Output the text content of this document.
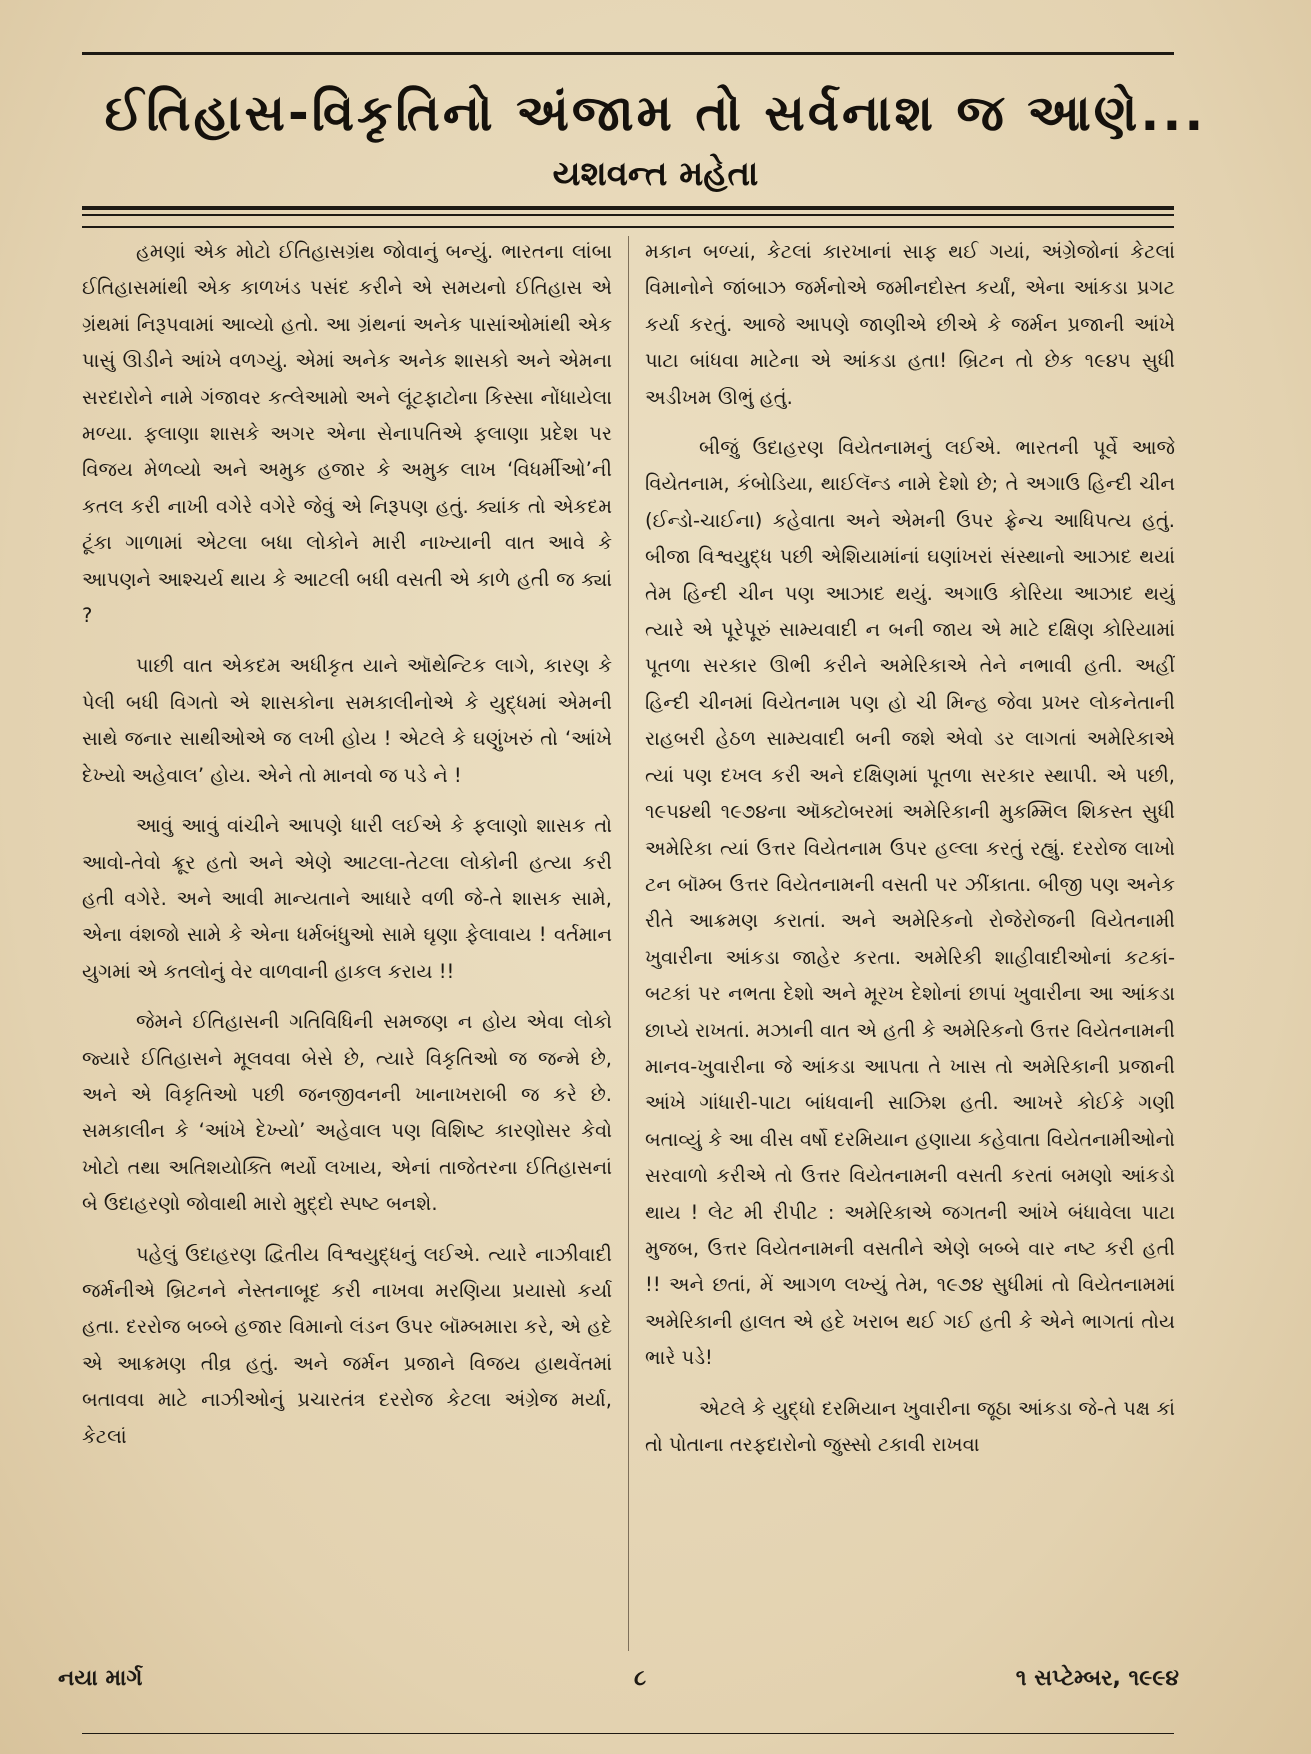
ઈતિહાસ-વિકૃતિનો અંજામ તો સર્વનાશ જ આણે...
યશવન્ત મહેતા

હમણાં એક મોટો ઈતિહાસગ્રંથ જોવાનું બન્યું. ભારતના લાંબા ઈતિહાસમાંથી એક કાળખંડ પસંદ કરીને એ સમયનો ઈતિહાસ એ ગ્રંથમાં નિરૂપવામાં આવ્યો હતો. આ ગ્રંથનાં અનેક પાસાંઓમાંથી એક પાસું ઊડીને આંખે વળગ્યું. એમાં અનેક અનેક શાસકો અને એમના સરદારોને નામે ગંજાવર કત્લેઆમો અને લૂંટફાટોના કિસ્સા નોંધાયેલા મળ્યા. ફલાણા શાસકે અગર એના સેનાપતિએ ફલાણા પ્રદેશ પર વિજય મેળવ્યો અને અમુક હજાર કે અમુક લાખ ‘વિધર્મીઓ’ની કતલ કરી નાખી વગેરે વગેરે જેવું એ નિરૂપણ હતું. ક્યાંક તો એકદમ ટૂંકા ગાળામાં એટલા બધા લોકોને મારી નાખ્યાની વાત આવે કે આપણને આશ્ચર્ય થાય કે આટલી બધી વસતી એ કાળે હતી જ ક્યાં ?

પાછી વાત એકદમ અધીકૃત યાને ઑથેન્ટિક લાગે, કારણ કે પેલી બધી વિગતો એ શાસકોના સમકાલીનોએ કે યુદ્ધમાં એમની સાથે જનાર સાથીઓએ જ લખી હોય ! એટલે કે ઘણુંખરું તો ‘આંખે દેખ્યો અહેવાલ’ હોય. એને તો માનવો જ પડે ને !

આવું આવું વાંચીને આપણે ધારી લઈએ કે ફલાણો શાસક તો આવો-તેવો ક્રૂર હતો અને એણે આટલા-તેટલા લોકોની હત્યા કરી હતી વગેરે. અને આવી માન્યતાને આધારે વળી જે-તે શાસક સામે, એના વંશજો સામે કે એના ધર્મબંધુઓ સામે ઘૃણા ફેલાવાય ! વર્તમાન યુગમાં એ કતલોનું વેર વાળવાની હાકલ કરાય !!

જેમને ઈતિહાસની ગતિવિધિની સમજણ ન હોય એવા લોકો જ્યારે ઈતિહાસને મૂલવવા બેસે છે, ત્યારે વિકૃતિઓ જ જન્મે છે, અને એ વિકૃતિઓ પછી જનજીવનની ખાનાખરાબી જ કરે છે. સમકાલીન કે ‘આંખે દેખ્યો’ અહેવાલ પણ વિશિષ્ટ કારણોસર કેવો ખોટો તથા અતિશયોક્તિ ભર્યો લખાય, એનાં તાજેતરના ઈતિહાસનાં બે ઉદાહરણો જોવાથી મારો મુદ્દો સ્પષ્ટ બનશે.

પહેલું ઉદાહરણ દ્વિતીય વિશ્વયુદ્ધનું લઈએ. ત્યારે નાઝીવાદી જર્મનીએ બ્રિટનને નેસ્તનાબૂદ કરી નાખવા મરણિયા પ્રયાસો કર્યા હતા. દરરોજ બબ્બે હજાર વિમાનો લંડન ઉપર બૉમ્બમારા કરે, એ હદે એ આક્રમણ તીવ્ર હતું. અને જર્મન પ્રજાને વિજય હાથવેંતમાં બતાવવા માટે નાઝીઓનું પ્રચારતંત્ર દરરોજ કેટલા અંગ્રેજ મર્યા, કેટલાં

મકાન બળ્યાં, કેટલાં કારખાનાં સાફ થઈ ગયાં, અંગ્રેજોનાં કેટલાં વિમાનોને જાંબાઝ જર્મનોએ જમીનદોસ્ત કર્યાં, એના આંકડા પ્રગટ કર્યા કરતું. આજે આપણે જાણીએ છીએ કે જર્મન પ્રજાની આંખે પાટા બાંધવા માટેના એ આંકડા હતા! બ્રિટન તો છેક ૧૯૪૫ સુધી અડીખમ ઊભું હતું.

બીજું ઉદાહરણ વિયેતનામનું લઈએ. ભારતની પૂર્વે આજે વિયેતનામ, કંબોડિયા, થાઈલૅન્ડ નામે દેશો છે; તે અગાઉ હિન્દી ચીન (ઈન્ડો-ચાઈના) કહેવાતા અને એમની ઉપર ફ્રેન્ચ આધિપત્ય હતું. બીજા વિશ્વયુદ્ધ પછી એશિયામાંનાં ઘણાંખરાં સંસ્થાનો આઝાદ થયાં તેમ હિન્દી ચીન પણ આઝાદ થયું. અગાઉ કોરિયા આઝાદ થયું ત્યારે એ પૂરેપૂરું સામ્યવાદી ન બની જાય એ માટે દક્ષિણ કોરિયામાં પૂતળા સરકાર ઊભી કરીને અમેરિકાએ તેને નભાવી હતી. અહીં હિન્દી ચીનમાં વિયેતનામ પણ હો ચી મિન્હ જેવા પ્રખર લોકનેતાની રાહબરી હેઠળ સામ્યવાદી બની જશે એવો ડર લાગતાં અમેરિકાએ ત્યાં પણ દખલ કરી અને દક્ષિણમાં પૂતળા સરકાર સ્થાપી. એ પછી, ૧૯૫૪થી ૧૯૭૪ના ઑક્ટોબરમાં અમેરિકાની મુકમ્મિલ શિકસ્ત સુધી અમેરિકા ત્યાં ઉત્તર વિયેતનામ ઉપર હલ્લા કરતું રહ્યું. દરરોજ લાખો ટન બૉમ્બ ઉત્તર વિયેતનામની વસતી પર ઝીંકાતા. બીજી પણ અનેક રીતે આક્રમણ કરાતાં. અને અમેરિકનો રોજેરોજની વિયેતનામી ખુવારીના આંકડા જાહેર કરતા. અમેરિકી શાહીવાદીઓનાં કટકાં-બટકાં પર નભતા દેશો અને મૂરખ દેશોનાં છાપાં ખુવારીના આ આંકડા છાપ્યે રાખતાં. મઝાની વાત એ હતી કે અમેરિકનો ઉત્તર વિયેતનામની માનવ-ખુવારીના જે આંકડા આપતા તે ખાસ તો અમેરિકાની પ્રજાની આંખે ગાંધારી-પાટા બાંધવાની સાઝિશ હતી. આખરે કોઈકે ગણી બતાવ્યું કે આ વીસ વર્ષો દરમિયાન હણાયા કહેવાતા વિયેતનામીઓનો સરવાળો કરીએ તો ઉત્તર વિયેતનામની વસતી કરતાં બમણો આંકડો થાય ! લેટ મી રીપીટ : અમેરિકાએ જગતની આંખે બંધાવેલા પાટા મુજબ, ઉત્તર વિયેતનામની વસતીને એણે બબ્બે વાર નષ્ટ કરી હતી !! અને છતાં, મેં આગળ લખ્યું તેમ, ૧૯૭૪ સુધીમાં તો વિયેતનામમાં અમેરિકાની હાલત એ હદે ખરાબ થઈ ગઈ હતી કે એને ભાગતાં તોય ભારે પડે!

એટલે કે યુદ્ધો દરમિયાન ખુવારીના જૂઠા આંકડા જે-તે પક્ષ કાં તો પોતાના તરફદારોનો જુસ્સો ટકાવી રાખવા

નયા માર્ગ	૮	૧ સપ્ટેમ્બર, ૧૯૯૪
